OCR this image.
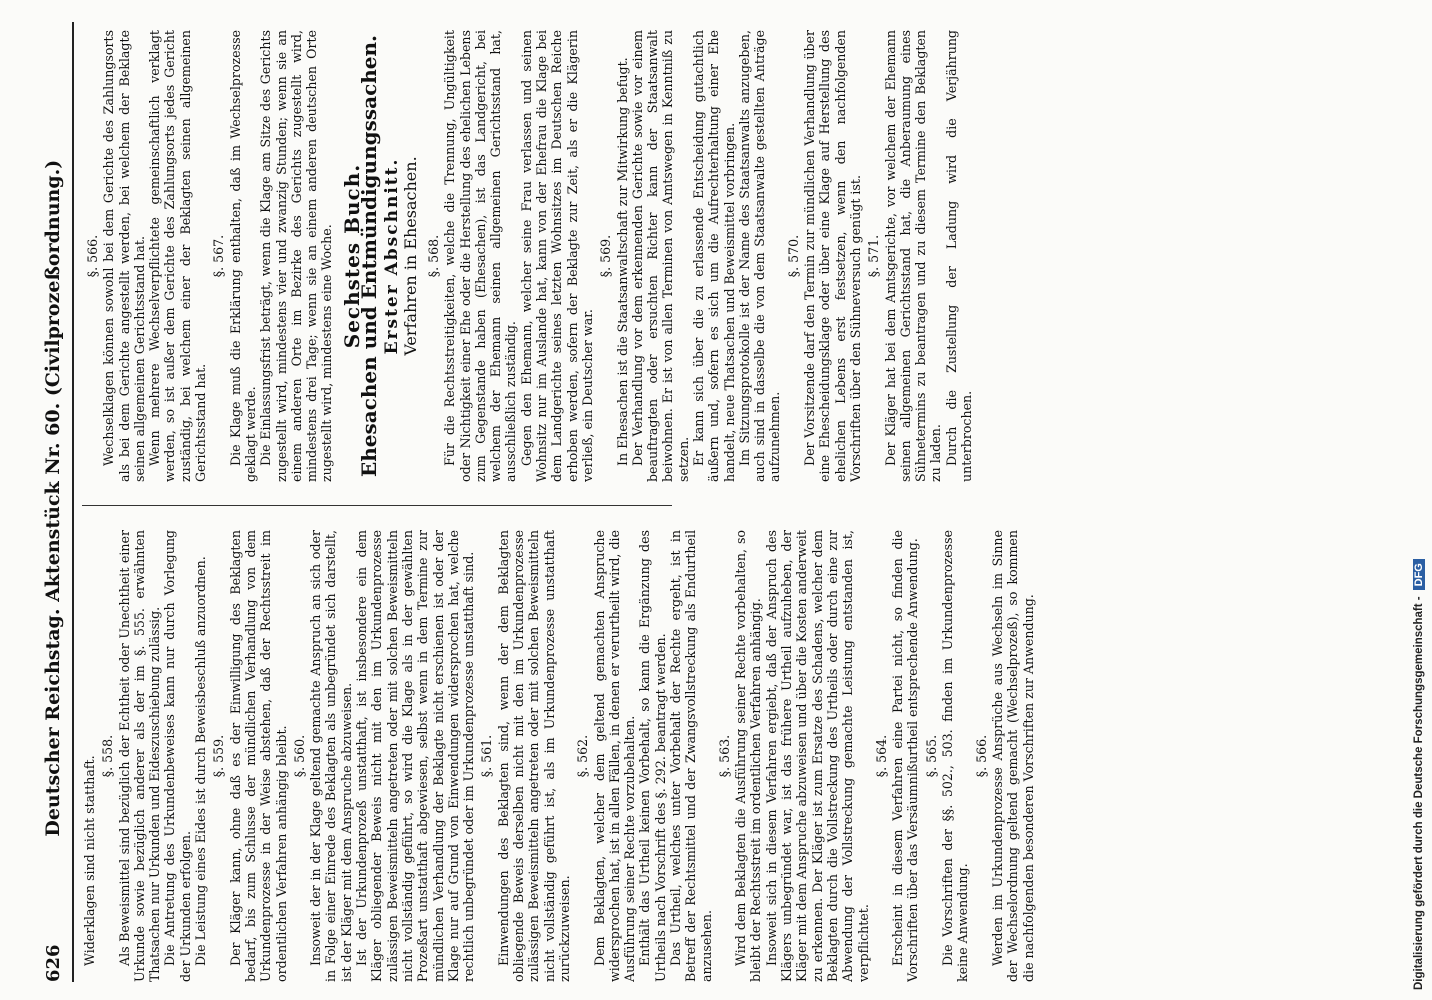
626
Deutscher Reichstag. Aktenstück Nr. 60. (Civilprozeßordnung.)
Widerklagen sind nicht statthaft. §. 558. Als Beweismittel sind bezüglich der Echtheit oder Unechtheit einer Urkunde sowie bezüglich anderer als der im §. 555. erwähnten Thatsachen nur Urkunden und Eideszuschiebung zulässig. Die Antretung des Urkundenbeweises kann nur durch Vorlegung der Urkunden erfolgen. Die Leistung eines Eides ist durch Beweisbeschluß anzuordnen. §. 559. Der Kläger kann, ohne daß es der Einwilligung des Beklagten bedarf, bis zum Schlusse der mündlichen Verhandlung von dem Urkundenprozesse in der Weise abstehen, daß der Rechtsstreit im ordentlichen Verfahren anhängig bleibt. §. 560. Insoweit der in der Klage geltend gemachte Anspruch an sich oder in Folge einer Einrede des Beklagten als unbegründet sich darstellt, ist der Kläger mit dem Anspruche abzuweisen. Ist der Urkundenprozeß unstatthaft, ist insbesondere ein dem Kläger obliegender Beweis nicht mit den im Urkundenprozesse zulässigen Beweismitteln angetreten oder mit solchen Beweismitteln nicht vollständig geführt, so wird die Klage als in der gewählten Prozeßart unstatthaft abgewiesen, selbst wenn in dem Termine zur mündlichen Verhandlung der Beklagte nicht erschienen ist oder der Klage nur auf Grund von Einwendungen widersprochen hat, welche rechtlich unbegründet oder im Urkundenprozesse unstatthaft sind. §. 561. Einwendungen des Beklagten sind, wenn der dem Beklagten obliegende Beweis derselben nicht mit den im Urkundenprozesse zulässigen Beweismitteln angetreten oder mit solchen Beweismitteln nicht vollständig geführt ist, als im Urkundenprozesse unstatthaft zurückzuweisen.
§. 562. Dem Beklagten, welcher dem geltend gemachten Anspruche widersprochen hat, ist in allen Fällen, in denen er verurtheilt wird, die Ausführung seiner Rechte vorzubehalten. Enthält das Urtheil keinen Vorbehalt, so kann die Ergänzung des Urtheils nach Vorschrift des §. 292. beantragt werden. Das Urtheil, welches unter Vorbehalt der Rechte ergeht, ist in Betreff der Rechtsmittel und der Zwangsvollstreckung als Endurtheil anzusehen.
§. 563. Wird dem Beklagten die Ausführung seiner Rechte vorbehalten, so bleibt der Rechtsstreit im ordentlichen Verfahren anhängig. Insoweit sich in diesem Verfahren ergiebt, daß der Anspruch des Klägers unbegründet war, ist das frühere Urtheil aufzuheben, der Kläger mit dem Anspruche abzuweisen und über die Kosten anderweit zu erkennen. Der Kläger ist zum Ersatze des Schadens, welcher dem Beklagten durch die Vollstreckung des Urtheils oder durch eine zur Abwendung der Vollstreckung gemachte Leistung entstanden ist, verpflichtet.
§. 564. Erscheint in diesem Verfahren eine Partei nicht, so finden die Vorschriften über das Versäumnißurtheil entsprechende Anwendung. §. 565. Die Vorschriften der §§. 502., 503. finden im Urkundenprozesse keine Anwendung.
§. 566. Werden im Urkundenprozesse Ansprüche aus Wechseln im Sinne der Wechselordnung geltend gemacht (Wechselprozeß), so kommen die nachfolgenden besonderen Vorschriften zur Anwendung.
§. 566. Wechselklagen können sowohl bei dem Gerichte des Zahlungsorts als bei dem Gerichte angestellt werden, bei welchem der Beklagte seinen allgemeinen Gerichtsstand hat. Wenn mehrere Wechselverpflichtete gemeinschaftlich verklagt werden, so ist außer dem Gerichte des Zahlungsorts jedes Gericht zuständig, bei welchem einer der Beklagten seinen allgemeinen Gerichtsstand hat.
§. 567. Die Klage muß die Erklärung enthalten, daß im Wechselprozesse geklagt werde. Die Einlassungsfrist beträgt, wenn die Klage am Sitze des Gerichts zugestellt wird, mindestens vier und zwanzig Stunden; wenn sie an einem anderen Orte im Bezirke des Gerichts zugestellt wird, mindestens drei Tage; wenn sie an einem anderen deutschen Orte zugestellt wird, mindestens eine Woche. Sechstes Buch.
Ehesachen und Entmündigungssachen. Erster Abschnitt.
Verfahren in Ehesachen. §. 568. Für die Rechtsstreitigkeiten, welche die Trennung, Ungültigkeit oder Nichtigkeit einer Ehe oder die Herstellung des ehelichen Lebens zum Gegenstande haben (Ehesachen), ist das Landgericht, bei welchem der Ehemann seinen allgemeinen Gerichtsstand hat, ausschließlich zuständig. Gegen den Ehemann, welcher seine Frau verlassen und seinen Wohnsitz nur im Auslande hat, kann von der Ehefrau die Klage bei dem Landgerichte seines letzten Wohnsitzes im Deutschen Reiche erhoben werden, sofern der Beklagte zur Zeit, als er die Klägerin verließ, ein Deutscher war.
§. 569. In Ehesachen ist die Staatsanwaltschaft zur Mitwirkung befugt. Der Verhandlung vor dem erkennenden Gerichte sowie vor einem beauftragten oder ersuchten Richter kann der Staatsanwalt beiwohnen. Er ist von allen Terminen von Amtswegen in Kenntniß zu setzen. Er kann sich über die zu erlassende Entscheidung gutachtlich äußern und, sofern es sich um die Aufrechterhaltung einer Ehe handelt, neue Thatsachen und Beweismittel vorbringen. Im Sitzungsprotokolle ist der Name des Staatsanwalts anzugeben, auch sind in dasselbe die von dem Staatsanwalte gestellten Anträge aufzunehmen.
§. 570. Der Vorsitzende darf den Termin zur mündlichen Verhandlung über eine Ehescheidungsklage oder über eine Klage auf Herstellung des ehelichen Lebens erst festsetzen, wenn den nachfolgenden Vorschriften über den Sühneversuch genügt ist. §. 571. Der Kläger hat bei dem Amtsgerichte, vor welchem der Ehemann seinen allgemeinen Gerichtsstand hat, die Anberaumung eines Sühnetermins zu beantragen und zu diesem Termine den Beklagten zu laden. Durch die Zustellung der Ladung wird die Verjährung unterbrochen.
Digitalisierung gefördert durch die Deutsche Forschungsgemeinschaft -
DFG
